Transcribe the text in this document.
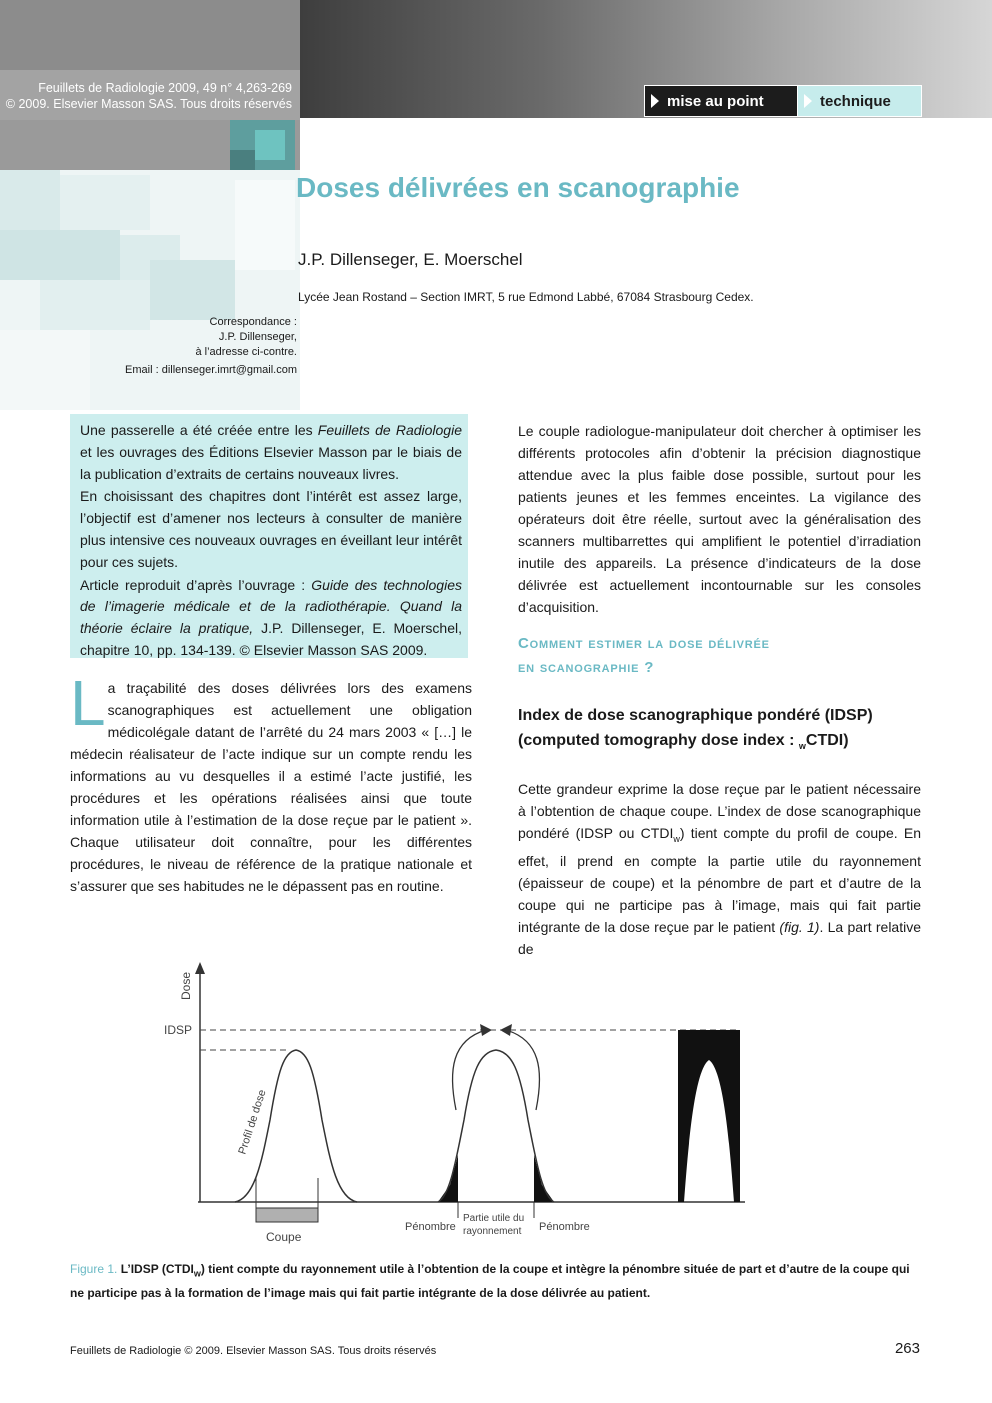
Feuillets de Radiologie 2009, 49 n° 4,263-269
© 2009. Elsevier Masson SAS. Tous droits réservés	mise au point	technique
Doses délivrées en scanographie
J.P. Dillenseger, E. Moerschel
Lycée Jean Rostand – Section IMRT, 5 rue Edmond Labbé, 67084 Strasbourg Cedex.
Correspondance :
J.P. Dillenseger,
à l’adresse ci-contre.
Email : dillenseger.imrt@gmail.com

Une passerelle a été créée entre les Feuillets de Radiologie et les ouvrages des Éditions Elsevier Masson par le biais de la publication d’extraits de certains nouveaux livres.

En choisissant des chapitres dont l’intérêt est assez large, l’objectif est d’amener nos lecteurs à consulter de manière plus intensive ces nouveaux ouvrages en éveillant leur intérêt pour ces sujets.

Article reproduit d’après l’ouvrage : Guide des technologies de l’imagerie médicale et de la radiothérapie. Quand la théorie éclaire la pratique, J.P. Dillenseger, E. Moerschel, chapitre 10, pp. 134-139. © Elsevier Masson SAS 2009.

L a traçabilité des doses délivrées lors des examens scanographiques est actuellement une obligation médicolégale datant de l’arrêté du 24 mars 2003 « […] le médecin réalisateur de l’acte indique sur un compte rendu les informations au vu desquelles il a estimé l’acte justifié, les procédures et les opérations réalisées ainsi que toute information utile à l’estimation de la dose reçue par le patient ». Chaque utilisateur doit connaître, pour les différentes procédures, le niveau de référence de la pratique nationale et s’assurer que ses habitudes ne le dépassent pas en routine.
Le couple radiologue-manipulateur doit chercher à optimiser les différents protocoles afin d’obtenir la précision diagnostique attendue avec la plus faible dose possible, surtout pour les patients jeunes et les femmes enceintes. La vigilance des opérateurs doit être réelle, surtout avec la généralisation des scanners multibarrettes qui amplifient le potentiel d’irradiation inutile des appareils. La présence d’indicateurs de la dose délivrée est actuellement incontournable sur les consoles d’acquisition.
Comment estimer la dose délivrée
en scanographie ?
Index de dose scanographique pondéré (IDSP)
(computed tomography dose index : $_w$CTDI)
Cette grandeur exprime la dose reçue par le patient nécessaire à l’obtention de chaque coupe. L’index de dose scanographique pondéré (IDSP ou $CTDI_w$) tient compte du profil de coupe. En effet, il prend en compte la partie utile du rayonnement (épaisseur de coupe) et la pénombre de part et d’autre de la coupe qui ne participe pas à l’image, mais qui fait partie intégrante de la dose reçue par le patient (fig. 1). La part relative de
Dose
IDSP
Profil de dose
Coupe
Pénombre
Partie utile du
rayonnement Pénombre
Figure 1. L’IDSP $(CTDI_w)$ tient compte du rayonnement utile à l’obtention de la coupe et intègre la pénombre située de part et d’autre de la coupe qui ne participe pas à la formation de l’image mais qui fait partie intégrante de la dose délivrée au patient.
Feuillets de Radiologie © 2009. Elsevier Masson SAS. Tous droits réservés	263
